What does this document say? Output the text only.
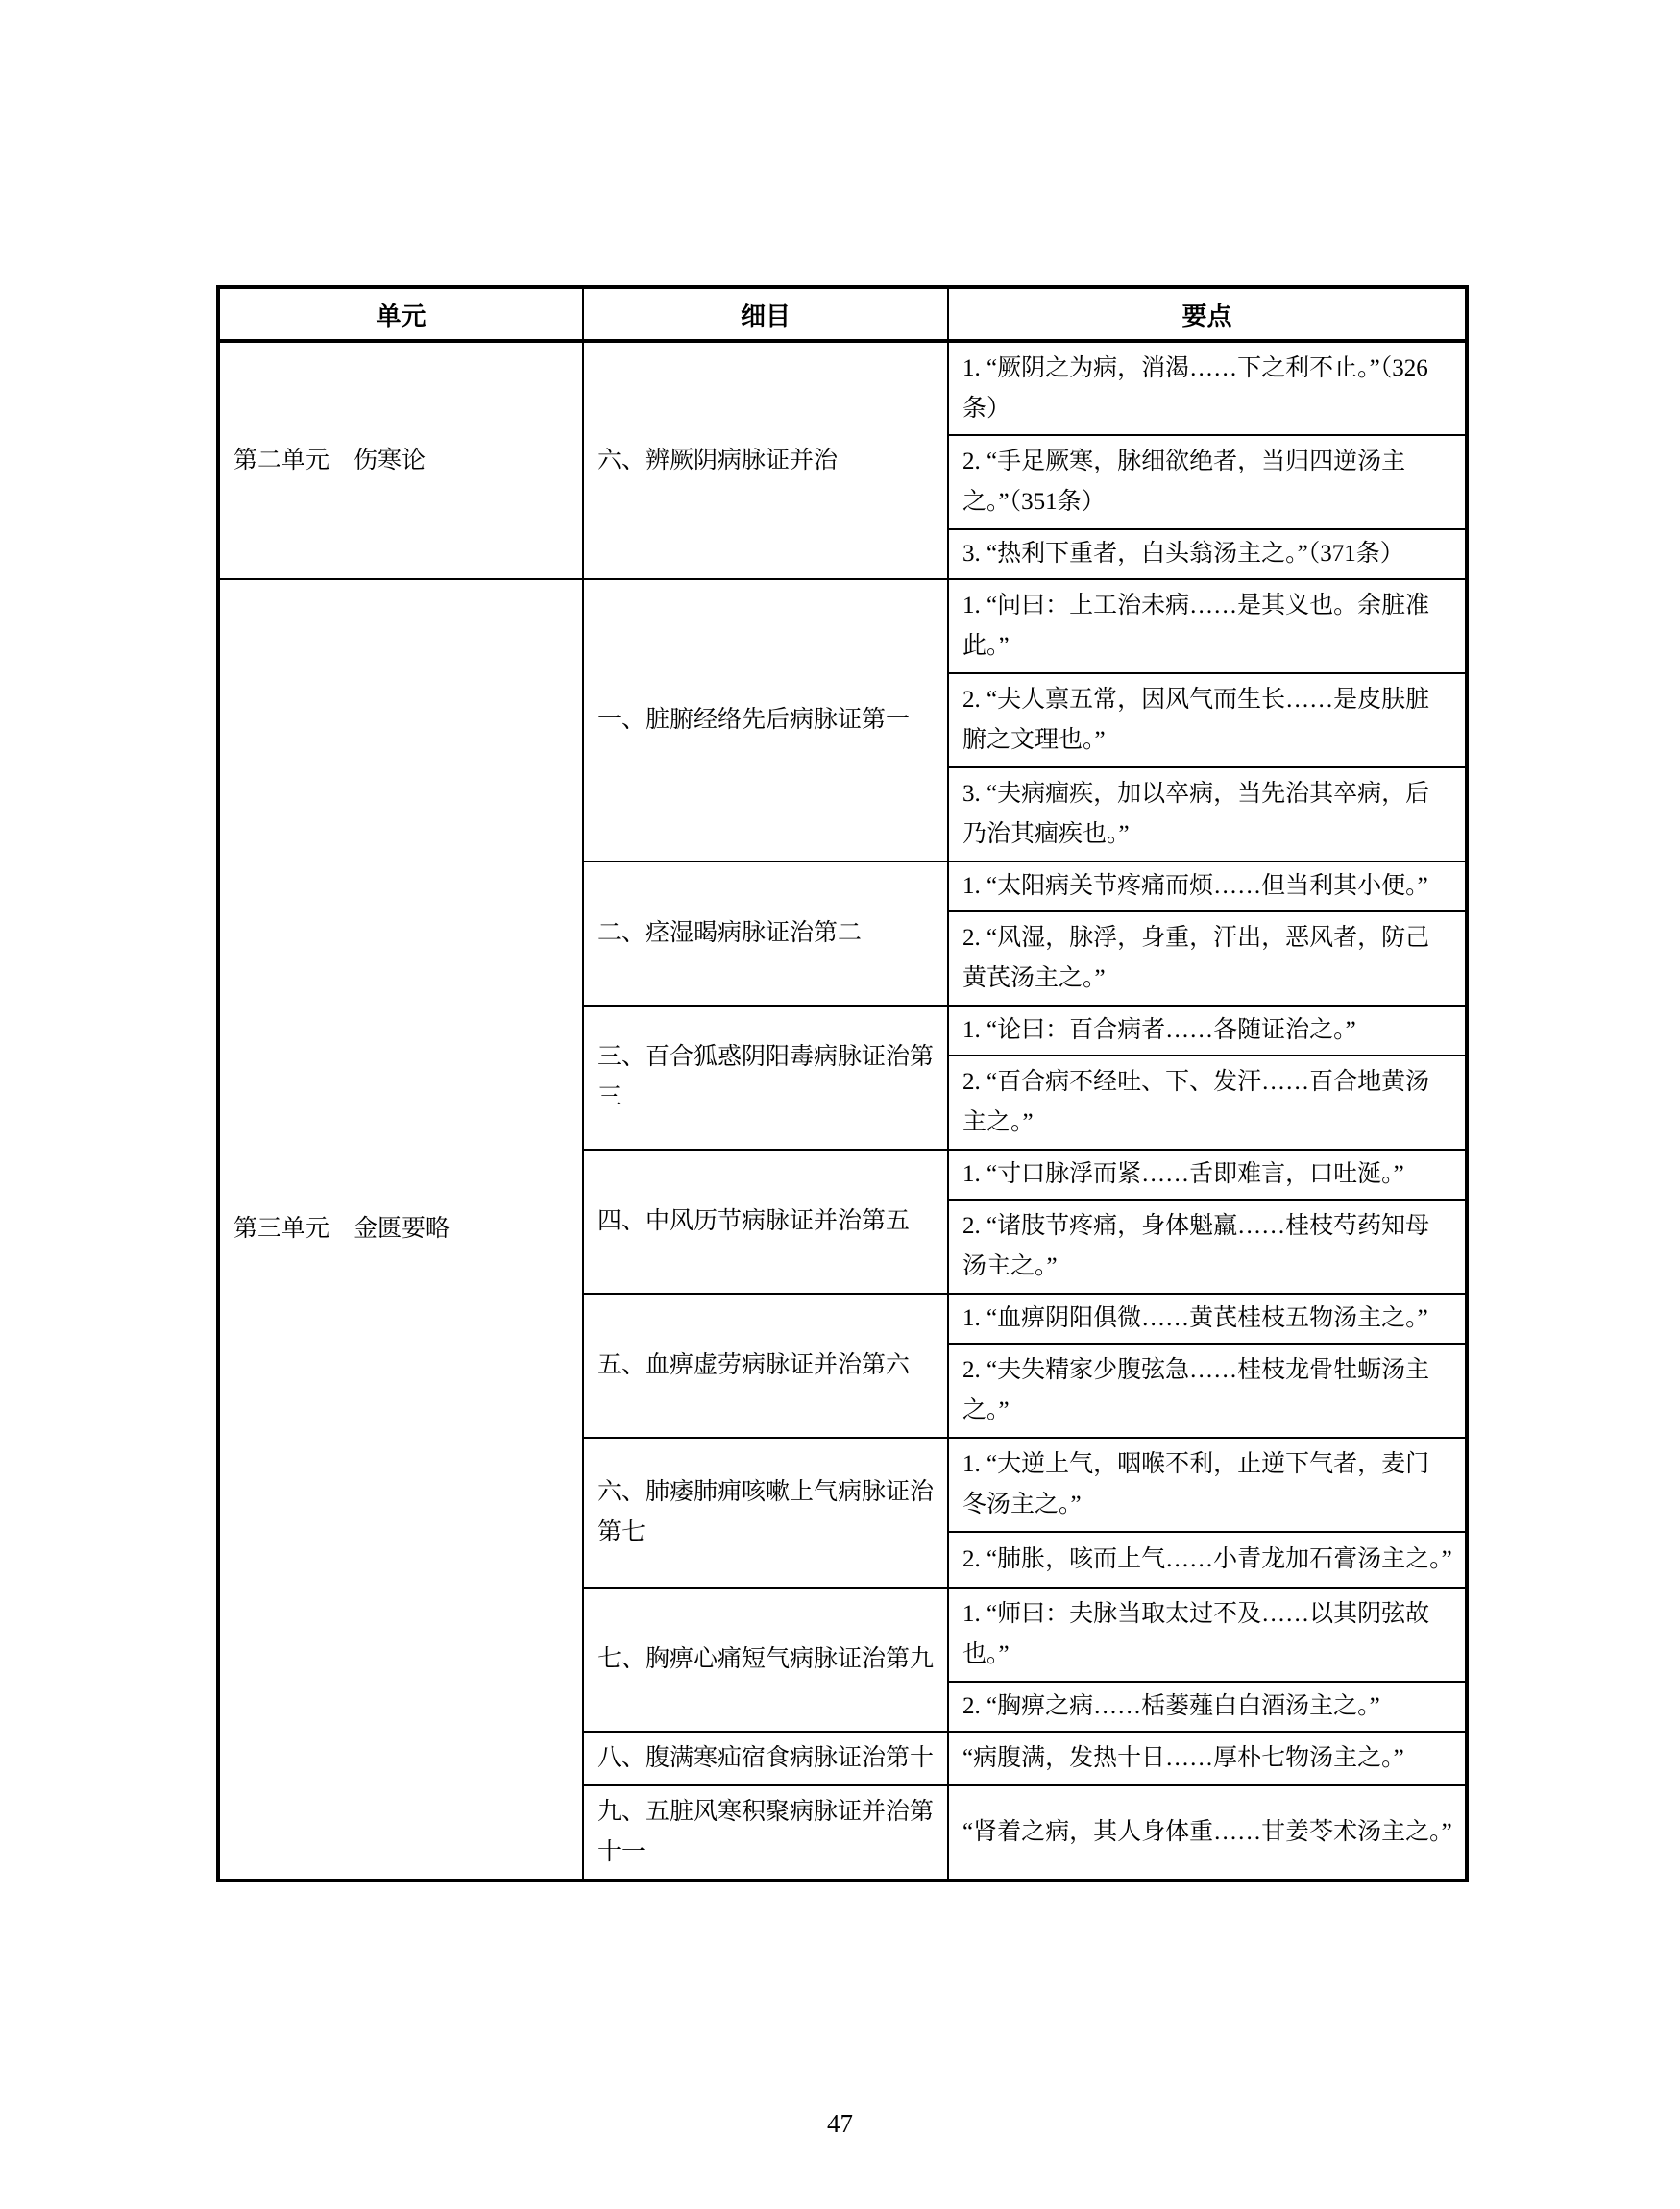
单元	细目	要点
第二单元　伤寒论	六、辨厥阴病脉证并治	1. “厥阴之为病，消渴……下之利不止。”（326条）
		2. “手足厥寒，脉细欲绝者，当归四逆汤主之。”（351条）
		3. “热利下重者，白头翁汤主之。”（371条）
第三单元　金匮要略	一、脏腑经络先后病脉证第一	1. “问曰：上工治未病……是其义也。余脏准此。”
		2. “夫人禀五常，因风气而生长……是皮肤脏腑之文理也。”
		3. “夫病痼疾，加以卒病，当先治其卒病，后乃治其痼疾也。”
	二、痉湿暍病脉证治第二	1. “太阳病关节疼痛而烦……但当利其小便。”
		2. “风湿，脉浮，身重，汗出，恶风者，防己黄芪汤主之。”
	三、百合狐惑阴阳毒病脉证治第三	1. “论曰：百合病者……各随证治之。”
		2. “百合病不经吐、下、发汗……百合地黄汤主之。”
	四、中风历节病脉证并治第五	1. “寸口脉浮而紧……舌即难言，口吐涎。”
		2. “诸肢节疼痛，身体魁羸……桂枝芍药知母汤主之。”
	五、血痹虚劳病脉证并治第六	1. “血痹阴阳俱微……黄芪桂枝五物汤主之。”
		2. “夫失精家少腹弦急……桂枝龙骨牡蛎汤主之。”
	六、肺痿肺痈咳嗽上气病脉证治第七	1. “大逆上气，咽喉不利，止逆下气者，麦门冬汤主之。”
		2. “肺胀，咳而上气……小青龙加石膏汤主之。”
	七、胸痹心痛短气病脉证治第九	1. “师曰：夫脉当取太过不及……以其阴弦故也。”
		2. “胸痹之病……栝蒌薤白白酒汤主之。”
	八、腹满寒疝宿食病脉证治第十	“病腹满，发热十日……厚朴七物汤主之。”
	九、五脏风寒积聚病脉证并治第十一	“肾着之病，其人身体重……甘姜苓术汤主之。”
47
